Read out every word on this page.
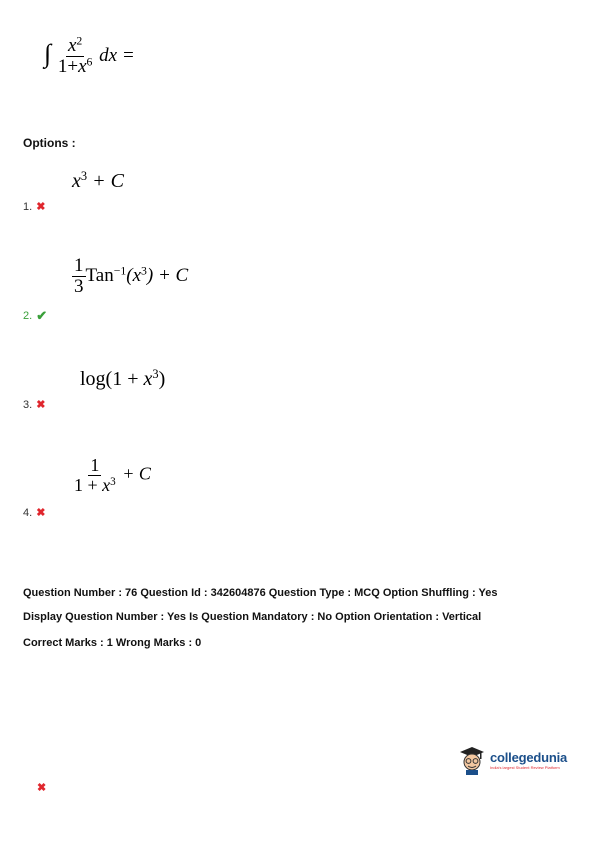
∫ $\frac{x^2}{1+x^6}$ dx =
Options :
$x^3 + C$
1. ✖
$\frac{1}{3} Tan^{-1}(x^3) + C$
2. ✔
$\log(1 + x^3)$
3. ✖
$\frac{1}{1 + x^3} + C$
4. ✖
Question Number : 76 Question Id : 342604876 Question Type : MCQ Option Shuffling : Yes
Display Question Number : Yes Is Question Mandatory : No Option Orientation : Vertical
Correct Marks : 1 Wrong Marks : 0
collegedunia
India's largest Student Review Platform
✖
